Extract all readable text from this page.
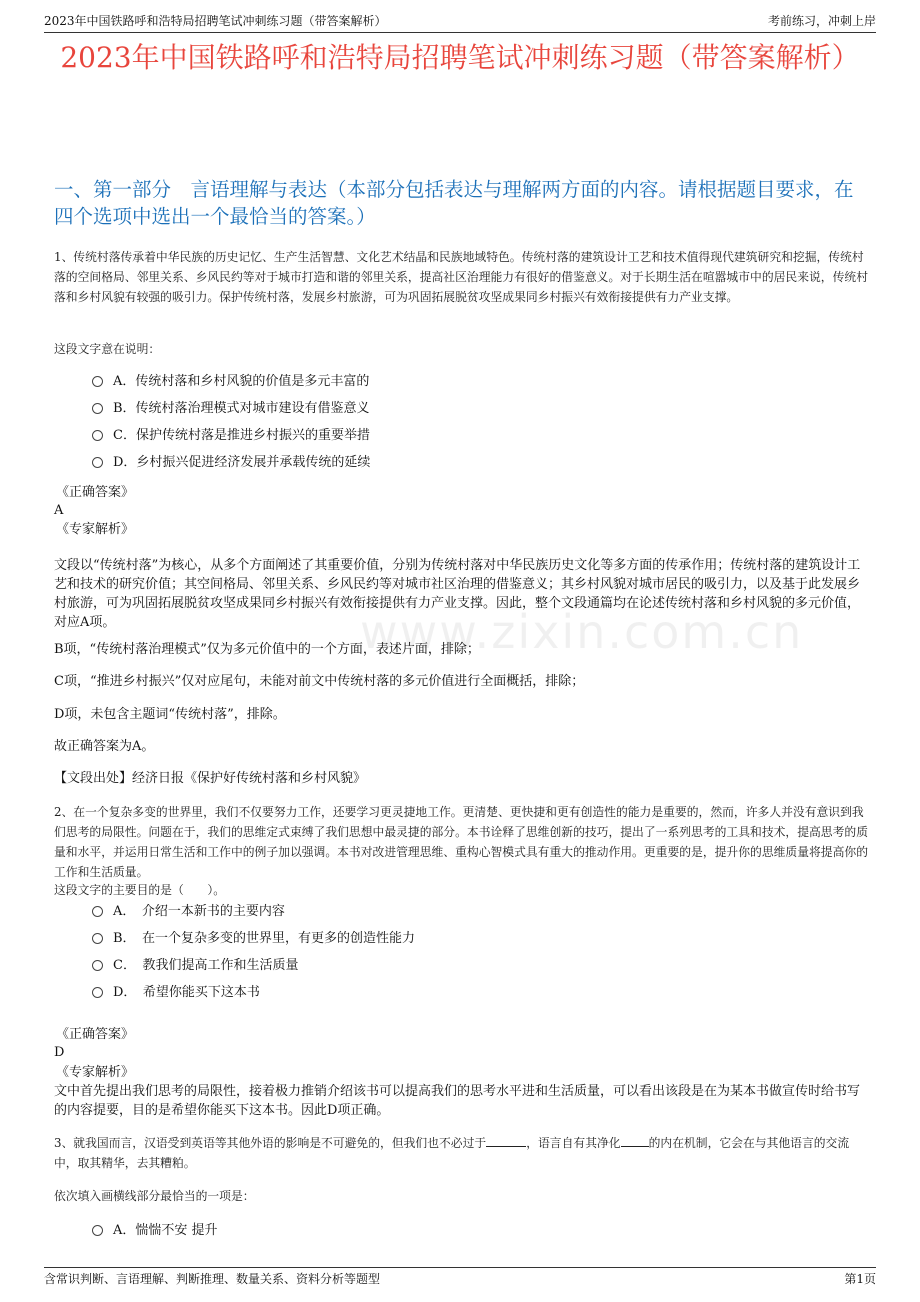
2023年中国铁路呼和浩特局招聘笔试冲刺练习题（带答案解析）	考前练习，冲刺上岸
2023年中国铁路呼和浩特局招聘笔试冲刺练习题（带答案解析）
一、第一部分　言语理解与表达（本部分包括表达与理解两方面的内容。请根据题目要求，在四个选项中选出一个最恰当的答案。）
www.zixin.com.cn
1、传统村落传承着中华民族的历史记忆、生产生活智慧、文化艺术结晶和民族地域特色。传统村落的建筑设计工艺和技术值得现代建筑研究和挖掘，传统村落的空间格局、邻里关系、乡风民约等对于城市打造和谐的邻里关系，提高社区治理能力有很好的借鉴意义。对于长期生活在喧嚣城市中的居民来说，传统村落和乡村风貌有较强的吸引力。保护传统村落，发展乡村旅游，可为巩固拓展脱贫攻坚成果同乡村振兴有效衔接提供有力产业支撑。
这段文字意在说明：
A．传统村落和乡村风貌的价值是多元丰富的
B．传统村落治理模式对城市建设有借鉴意义
C．保护传统村落是推进乡村振兴的重要举措
D．乡村振兴促进经济发展并承载传统的延续
《正确答案》
A
《专家解析》
文段以“传统村落”为核心，从多个方面阐述了其重要价值，分别为传统村落对中华民族历史文化等多方面的传承作用；传统村落的建筑设计工艺和技术的研究价值；其空间格局、邻里关系、乡风民约等对城市社区治理的借鉴意义；其乡村风貌对城市居民的吸引力，以及基于此发展乡村旅游，可为巩固拓展脱贫攻坚成果同乡村振兴有效衔接提供有力产业支撑。因此，整个文段通篇均在论述传统村落和乡村风貌的多元价值，对应A项。
B项，“传统村落治理模式”仅为多元价值中的一个方面，表述片面，排除；
C项，“推进乡村振兴”仅对应尾句，未能对前文中传统村落的多元价值进行全面概括，排除；
D项，未包含主题词“传统村落”，排除。
故正确答案为A。
【文段出处】经济日报《保护好传统村落和乡村风貌》
2、在一个复杂多变的世界里，我们不仅要努力工作，还要学习更灵捷地工作。更清楚、更快捷和更有创造性的能力是重要的，然而，许多人并没有意识到我们思考的局限性。问题在于，我们的思维定式束缚了我们思想中最灵捷的部分。本书诠释了思维创新的技巧，提出了一系列思考的工具和技术，提高思考的质量和水平，并运用日常生活和工作中的例子加以强调。本书对改进管理思维、重构心智模式具有重大的推动作用。更重要的是，提升你的思维质量将提高你的工作和生活质量。
这段文字的主要目的是（　　）。
A．　介绍一本新书的主要内容
B．　在一个复杂多变的世界里，有更多的创造性能力
C．　教我们提高工作和生活质量
D．　希望你能买下这本书
《正确答案》
D
《专家解析》
文中首先提出我们思考的局限性，接着极力推销介绍该书可以提高我们的思考水平进和生活质量，可以看出该段是在为某本书做宣传时给书写的内容提要，目的是希望你能买下这本书。因此D项正确。
3、就我国而言，汉语受到英语等其他外语的影响是不可避免的，但我们也不必过于	，语言自有其净化 的内在机制，它会在与其他语言的交流中，取其精华，去其糟粕。
依次填入画横线部分最恰当的一项是：
A．惴惴不安 提升
含常识判断、言语理解、判断推理、数量关系、资料分析等题型	第1页
